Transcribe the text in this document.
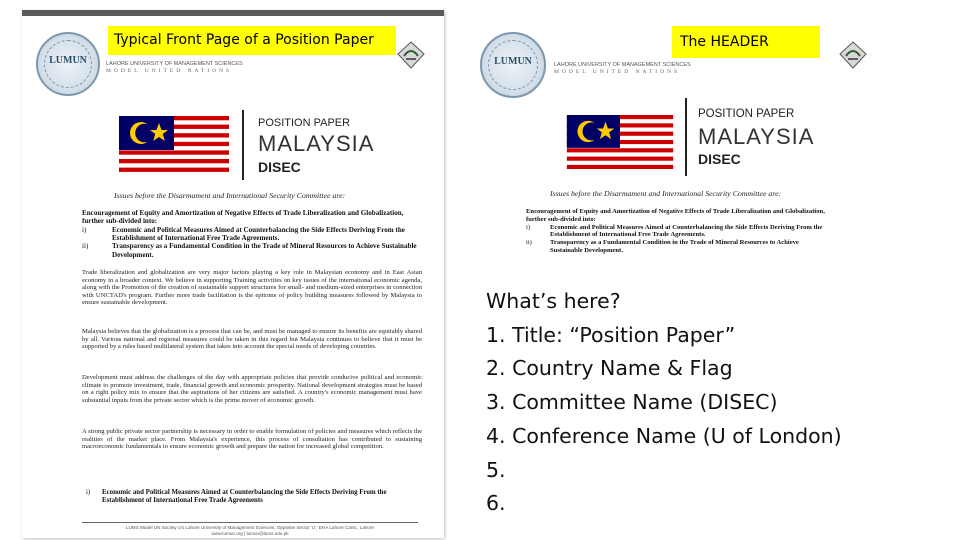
LUMUN	LAHORE UNIVERSITY OF MANAGEMENT SCIENCES
MODEL UNITED NATIONS
POSITION PAPER
MALAYSIA
DISEC
Issues before the Disarmament and International Security Committee are:
Encouragement of Equity and Amortization of Negative Effects of Trade Liberalization and Globalization, further sub-divided into:
i)	Economic and Political Measures Aimed at Counterbalancing the Side Effects Deriving From the Establishment of International Free Trade Agreements.
ii)	Transparency as a Fundamental Condition in the Trade of Mineral Resources to Achieve Sustainable Development.
Trade liberalization and globalization are very major factors playing a key role in Malaysian economy and in East Asian economy in a broader context. We believe in supporting Training activities on key issues of the international economic agenda, along with the Promotion of the creation of sustainable support structures for small- and medium-sized enterprises in connection with UNCTAD's program. Further more trade facilitation is the epitome of policy building measures followed by Malaysia to ensure sustainable development.
Malaysia believes that the globalization is a process that can be, and must be managed to ensure its benefits are equitably shared by all. Various national and regional measures could be taken in this regard but Malaysia continues to believe that it must be supported by a rules based multilateral system that takes into account the special needs of developing countries.
Development must address the challenges of the day with appropriate policies that provide conducive political and economic climate to promote investment, trade, financial growth and economic prosperity. National development strategies must be based on a right policy mix to ensure that the aspirations of her citizens are satisfied. A country's economic management must have substantial inputs from the private sector which is the prime mover of economic growth.
A strong public private sector partnership is necessary in order to enable formulation of policies and measures which reflects the realities of the market place. From Malaysia's experience, this process of consultation has contributed to sustaining macroeconomic fundamentals to ensure economic growth and prepare the nation for increased global competition.
i)	Economic and Political Measures Aimed at Counterbalancing the Side Effects Deriving From the Establishment of International Free Trade Agreements
LUMS Model UN Society c/o Lahore University of Management Sciences, Opposite Sector 'U', DHA Lahore Cantt., Lahore
www.lumun.org | lumun@lums.edu.pk
LUMUN	LAHORE UNIVERSITY OF MANAGEMENT SCIENCES
MODEL UNITED NATIONS
POSITION PAPER
MALAYSIA
DISEC
Issues before the Disarmament and International Security Committee are:
Encouragement of Equity and Amortization of Negative Effects of Trade Liberalization and Globalization, further sub-divided into:
i)	Economic and Political Measures Aimed at Counterbalancing the Side Effects Deriving From the Establishment of International Free Trade Agreements.
ii)	Transparency as a Fundamental Condition in the Trade of Mineral Resources to Achieve Sustainable Development.
Typical Front Page of a Position Paper	The HEADER
What’s here?
1. Title: “Position Paper”
2. Country Name & Flag
3. Committee Name (DISEC)
4. Conference Name (U of London)
5.
6.
